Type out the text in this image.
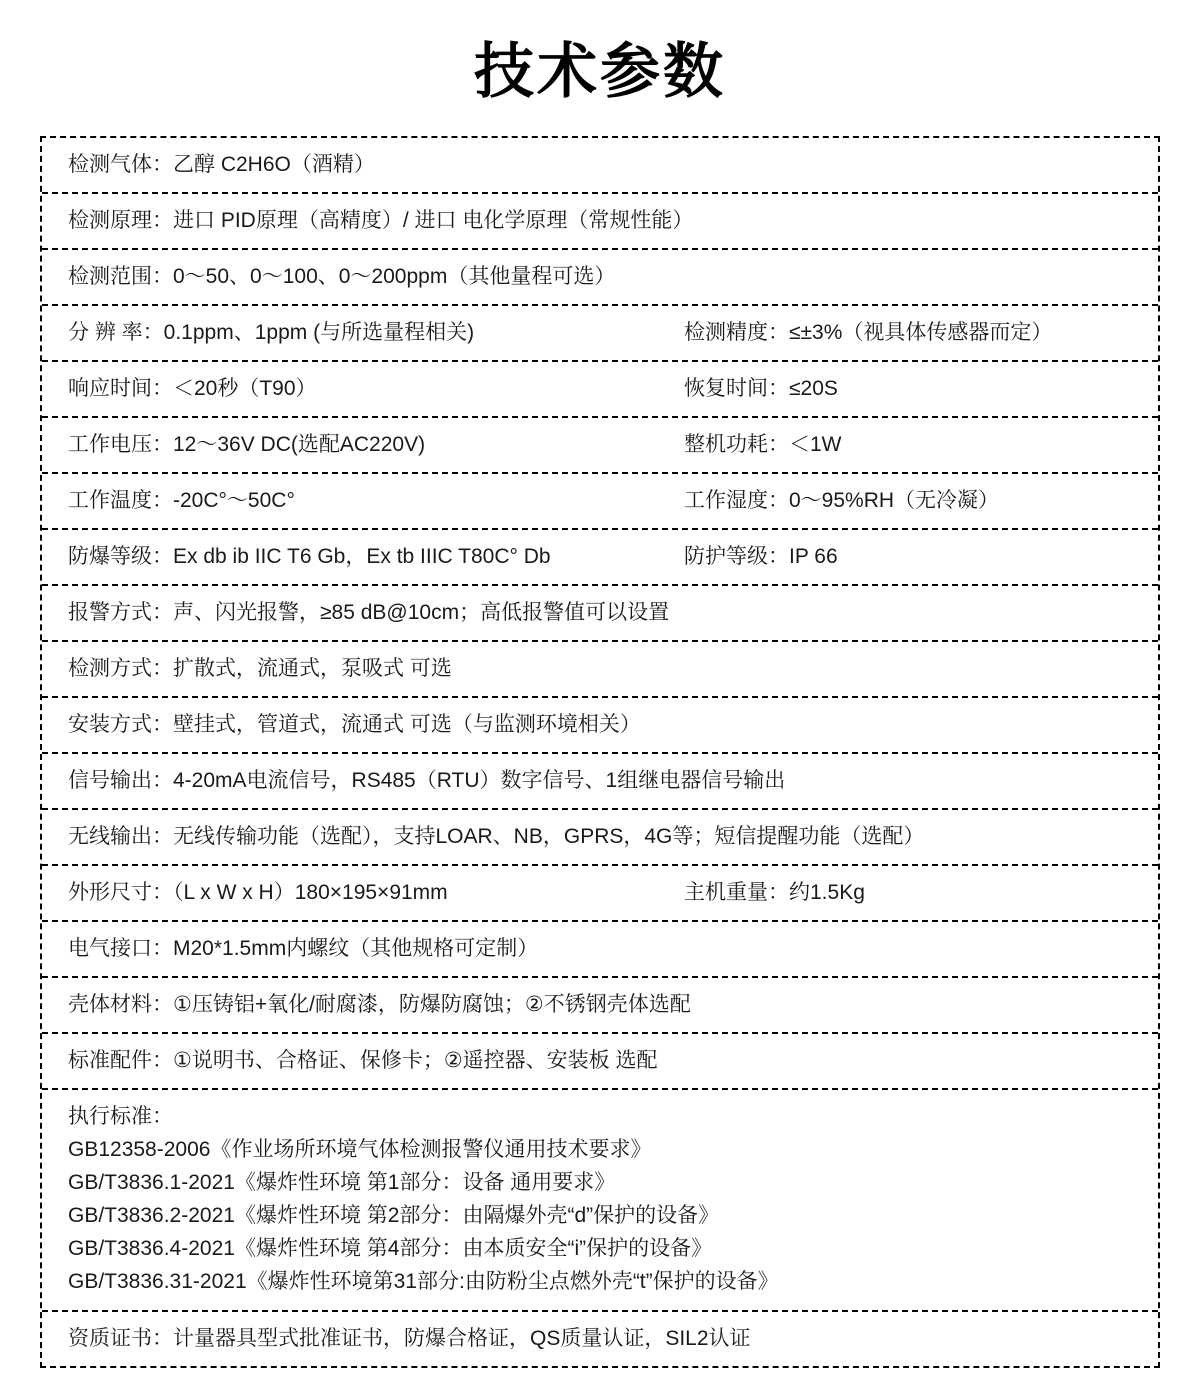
技术参数
检测气体：乙醇 C2H6O（酒精）
检测原理：进口 PID原理（高精度）/ 进口 电化学原理（常规性能）
检测范围：0～50、0～100、0～200ppm（其他量程可选）
分 辨 率：0.1ppm、1ppm (与所选量程相关)	检测精度：≤±3%（视具体传感器而定）
响应时间：＜20秒（T90）	恢复时间：≤20S
工作电压：12～36V DC(选配AC220V)	整机功耗：＜1W
工作温度：-20C°～50C°	工作湿度：0～95%RH（无冷凝）
防爆等级：Ex db ib IIC T6 Gb，Ex tb IIIC T80C° Db	防护等级：IP 66
报警方式：声、闪光报警，≥85 dB@10cm；高低报警值可以设置
检测方式：扩散式，流通式，泵吸式 可选
安装方式：壁挂式，管道式，流通式 可选（与监测环境相关）
信号输出：4-20mA电流信号，RS485（RTU）数字信号、1组继电器信号输出
无线输出：无线传输功能（选配），支持LOAR、NB，GPRS，4G等；短信提醒功能（选配）
外形尺寸：（L x W x H）180×195×91mm	主机重量：约1.5Kg
电气接口：M20*1.5mm内螺纹（其他规格可定制）
壳体材料：①压铸铝+氧化/耐腐漆，防爆防腐蚀；②不锈钢壳体选配
标准配件：①说明书、合格证、保修卡；②遥控器、安装板 选配
执行标准：
GB12358-2006《作业场所环境气体检测报警仪通用技术要求》
GB/T3836.1-2021《爆炸性环境 第1部分：设备 通用要求》
GB/T3836.2-2021《爆炸性环境 第2部分：由隔爆外壳“d”保护的设备》
GB/T3836.4-2021《爆炸性环境 第4部分：由本质安全“i”保护的设备》
GB/T3836.31-2021《爆炸性环境第31部分:由防粉尘点燃外壳“t”保护的设备》
资质证书：计量器具型式批准证书，防爆合格证，QS质量认证，SIL2认证
